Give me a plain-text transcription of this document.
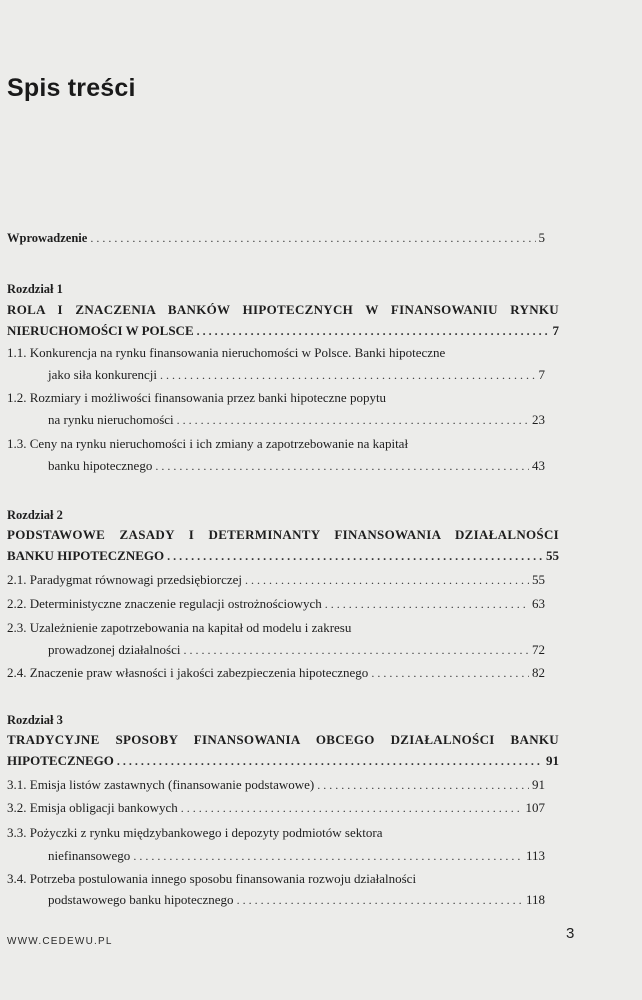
Spis treści
Wprowadzenie . . .	5
Rozdział 1
ROLA I ZNACZENIA BANKÓW HIPOTECZNYCH W FINANSOWANIU RYNKU
NIERUCHOMOŚCI W POLSCE . . .	7
1.1. Konkurencja na rynku finansowania nieruchomości w Polsce. Banki hipoteczne
jako siła konkurencji . . .	7
1.2. Rozmiary i możliwości finansowania przez banki hipoteczne popytu
na rynku nieruchomości . . .	23
1.3. Ceny na rynku nieruchomości i ich zmiany a zapotrzebowanie na kapitał
banku hipotecznego . . .	43
Rozdział 2
PODSTAWOWE ZASADY I DETERMINANTY FINANSOWANIA DZIAŁALNOŚCI
BANKU HIPOTECZNEGO . . .	55
2.1. Paradygmat równowagi przedsiębiorczej . . .	55
2.2. Deterministyczne znaczenie regulacji ostrożnościowych . . .	63
2.3. Uzależnienie zapotrzebowania na kapitał od modelu i zakresu
prowadzonej działalności . . .	72
2.4. Znaczenie praw własności i jakości zabezpieczenia hipotecznego . . .	82
Rozdział 3
TRADYCYJNE SPOSOBY FINANSOWANIA OBCEGO DZIAŁALNOŚCI BANKU
HIPOTECZNEGO . . .	91
3.1. Emisja listów zastawnych (finansowanie podstawowe) . . .	91
3.2. Emisja obligacji bankowych . . .	107
3.3. Pożyczki z rynku międzybankowego i depozyty podmiotów sektora
niefinansowego . . .	113
3.4. Potrzeba postulowania innego sposobu finansowania rozwoju działalności
podstawowego banku hipotecznego . . .	118
WWW.CEDEWU.PL	3
